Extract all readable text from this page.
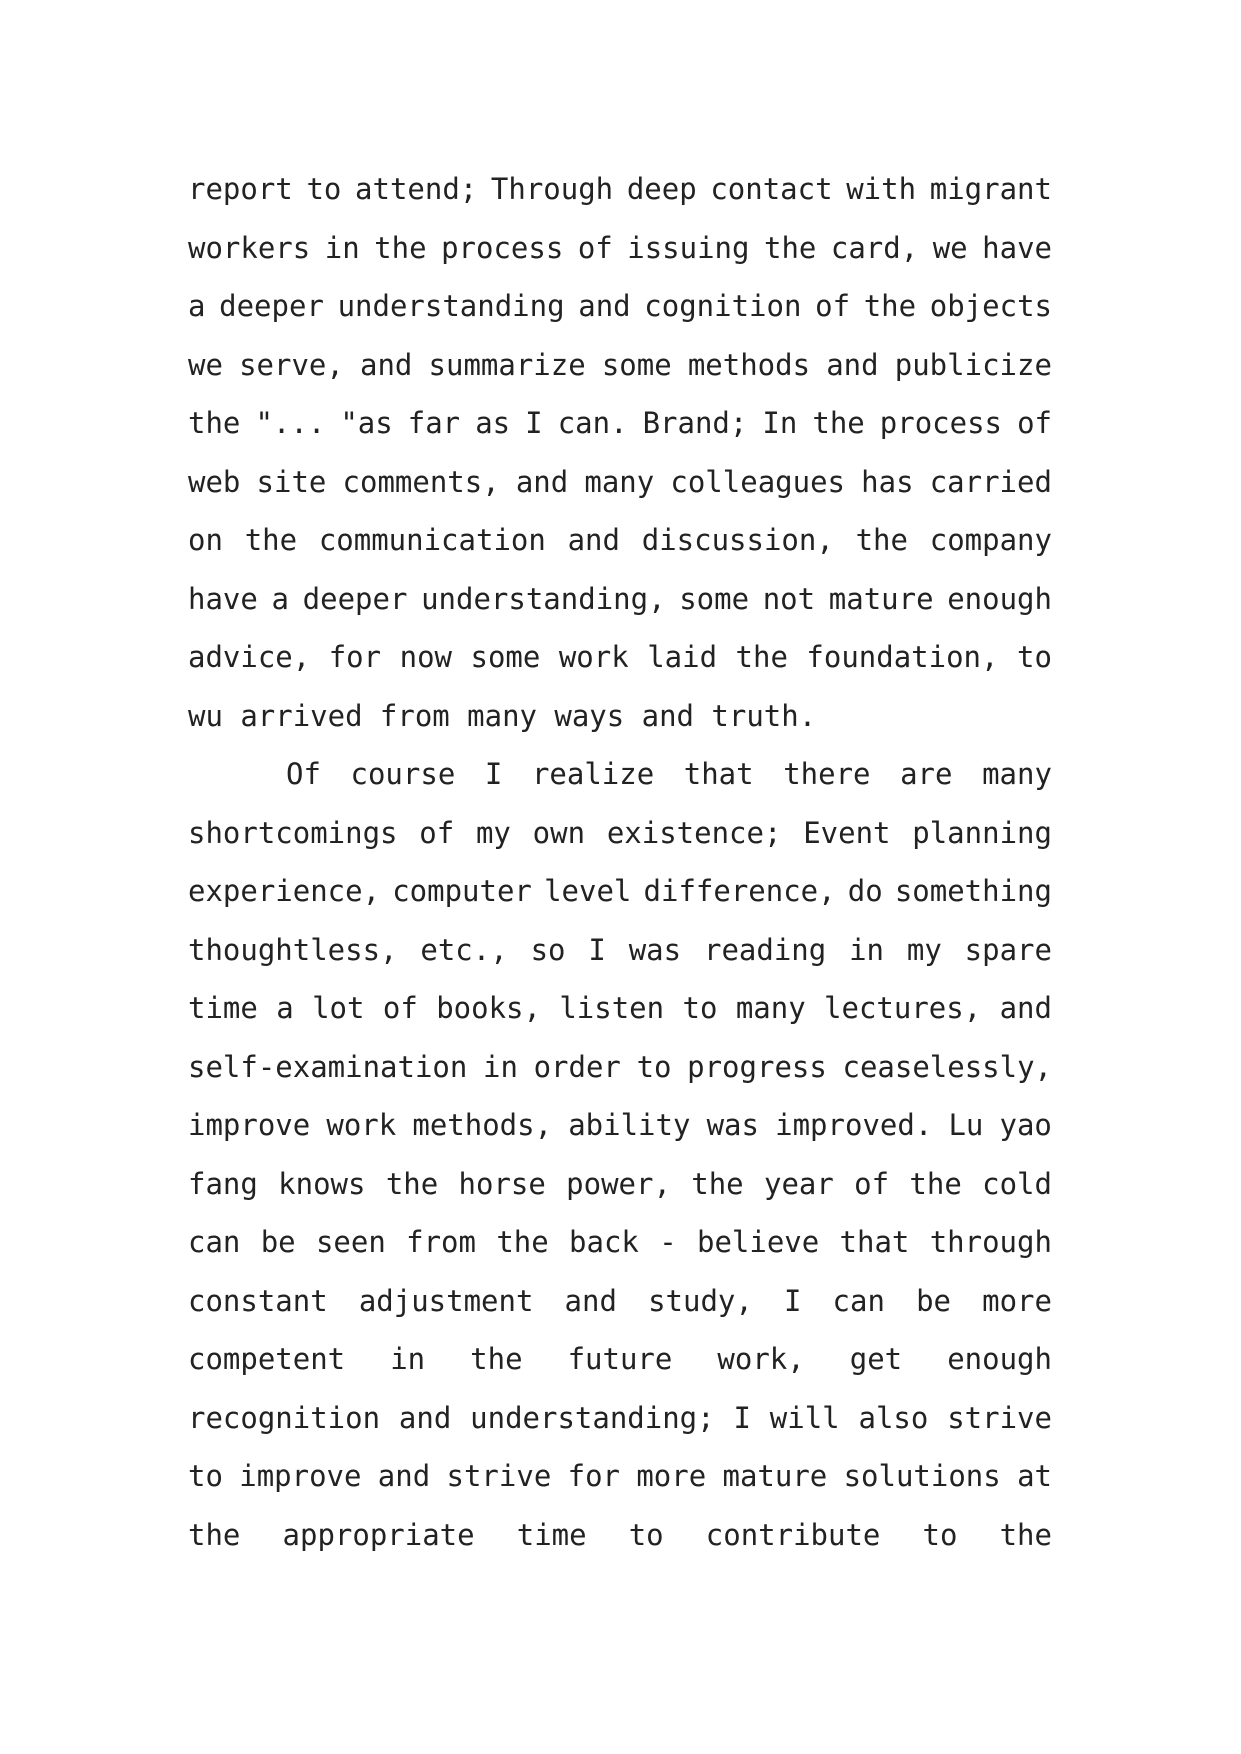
report to attend; Through deep contact with migrant
workers in the process of issuing the card, we have
a deeper understanding and cognition of the objects
we serve, and summarize some methods and publicize
the "... "as far as I can. Brand; In the process of
web site comments, and many colleagues has carried
on the communication and discussion, the company
have a deeper understanding, some not mature enough
advice, for now some work laid the foundation, to
wu arrived from many ways and truth.
Of course I realize that there are many
shortcomings of my own existence; Event planning
experience, computer level difference, do something
thoughtless, etc., so I was reading in my spare
time a lot of books, listen to many lectures, and
self-examination in order to progress ceaselessly,
improve work methods, ability was improved. Lu yao
fang knows the horse power, the year of the cold
can be seen from the back - believe that through
constant adjustment and study, I can be more
competent in the future work, get enough
recognition and understanding; I will also strive
to improve and strive for more mature solutions at
the appropriate time to contribute to the
